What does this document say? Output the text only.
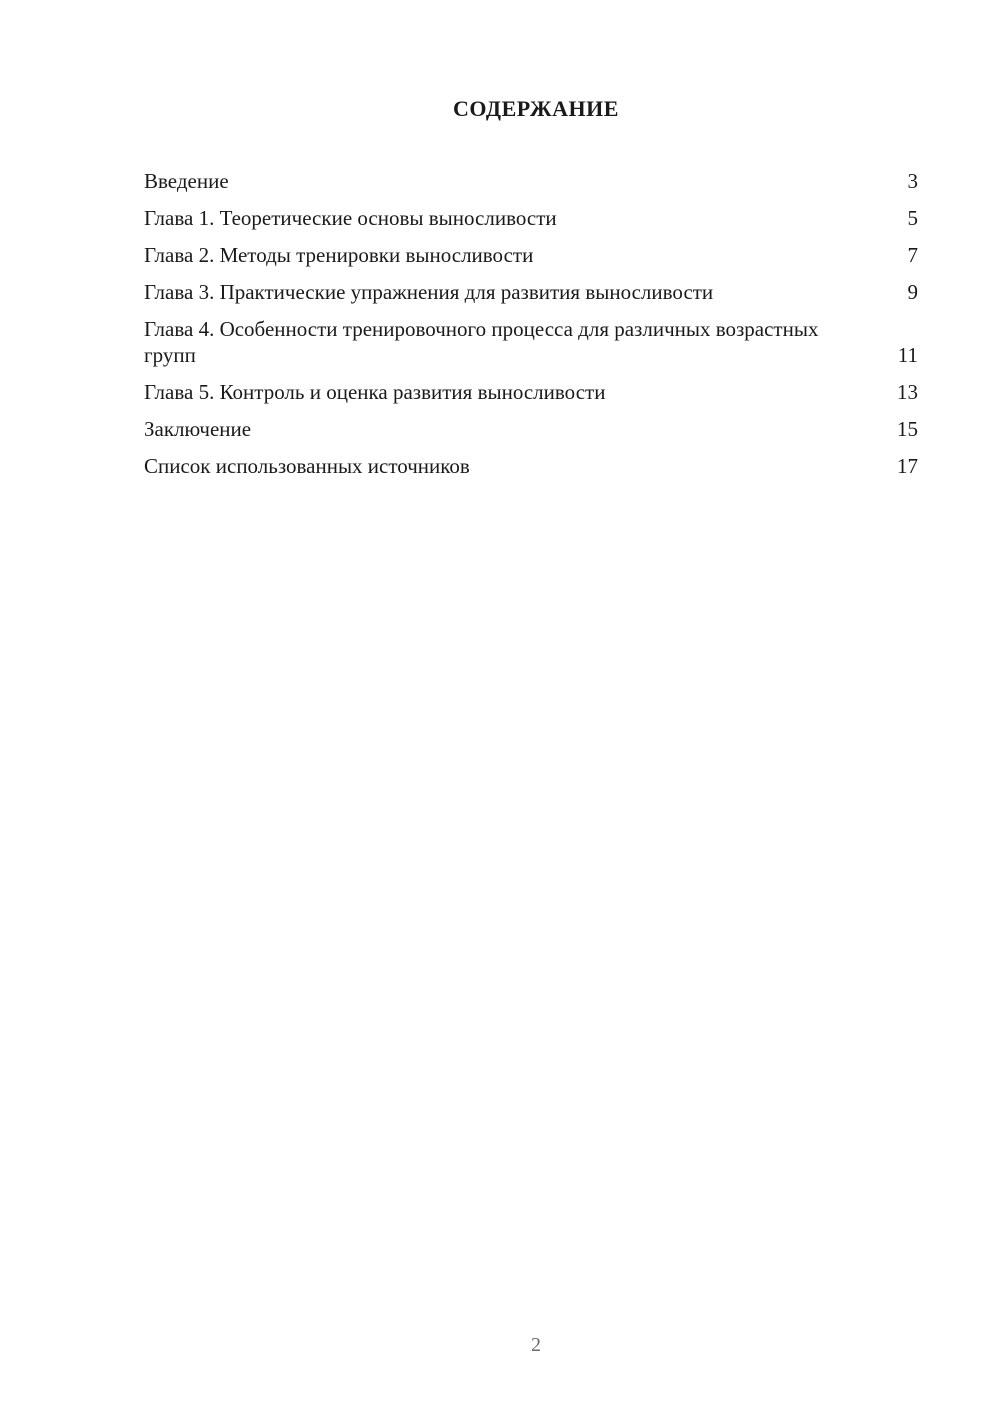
СОДЕРЖАНИЕ
Введение	3
Глава 1. Теоретические основы выносливости	5
Глава 2. Методы тренировки выносливости	7
Глава 3. Практические упражнения для развития выносливости	9
Глава 4. Особенности тренировочного процесса для различных возрастных групп	11
Глава 5. Контроль и оценка развития выносливости	13
Заключение	15
Список использованных источников	17
2
